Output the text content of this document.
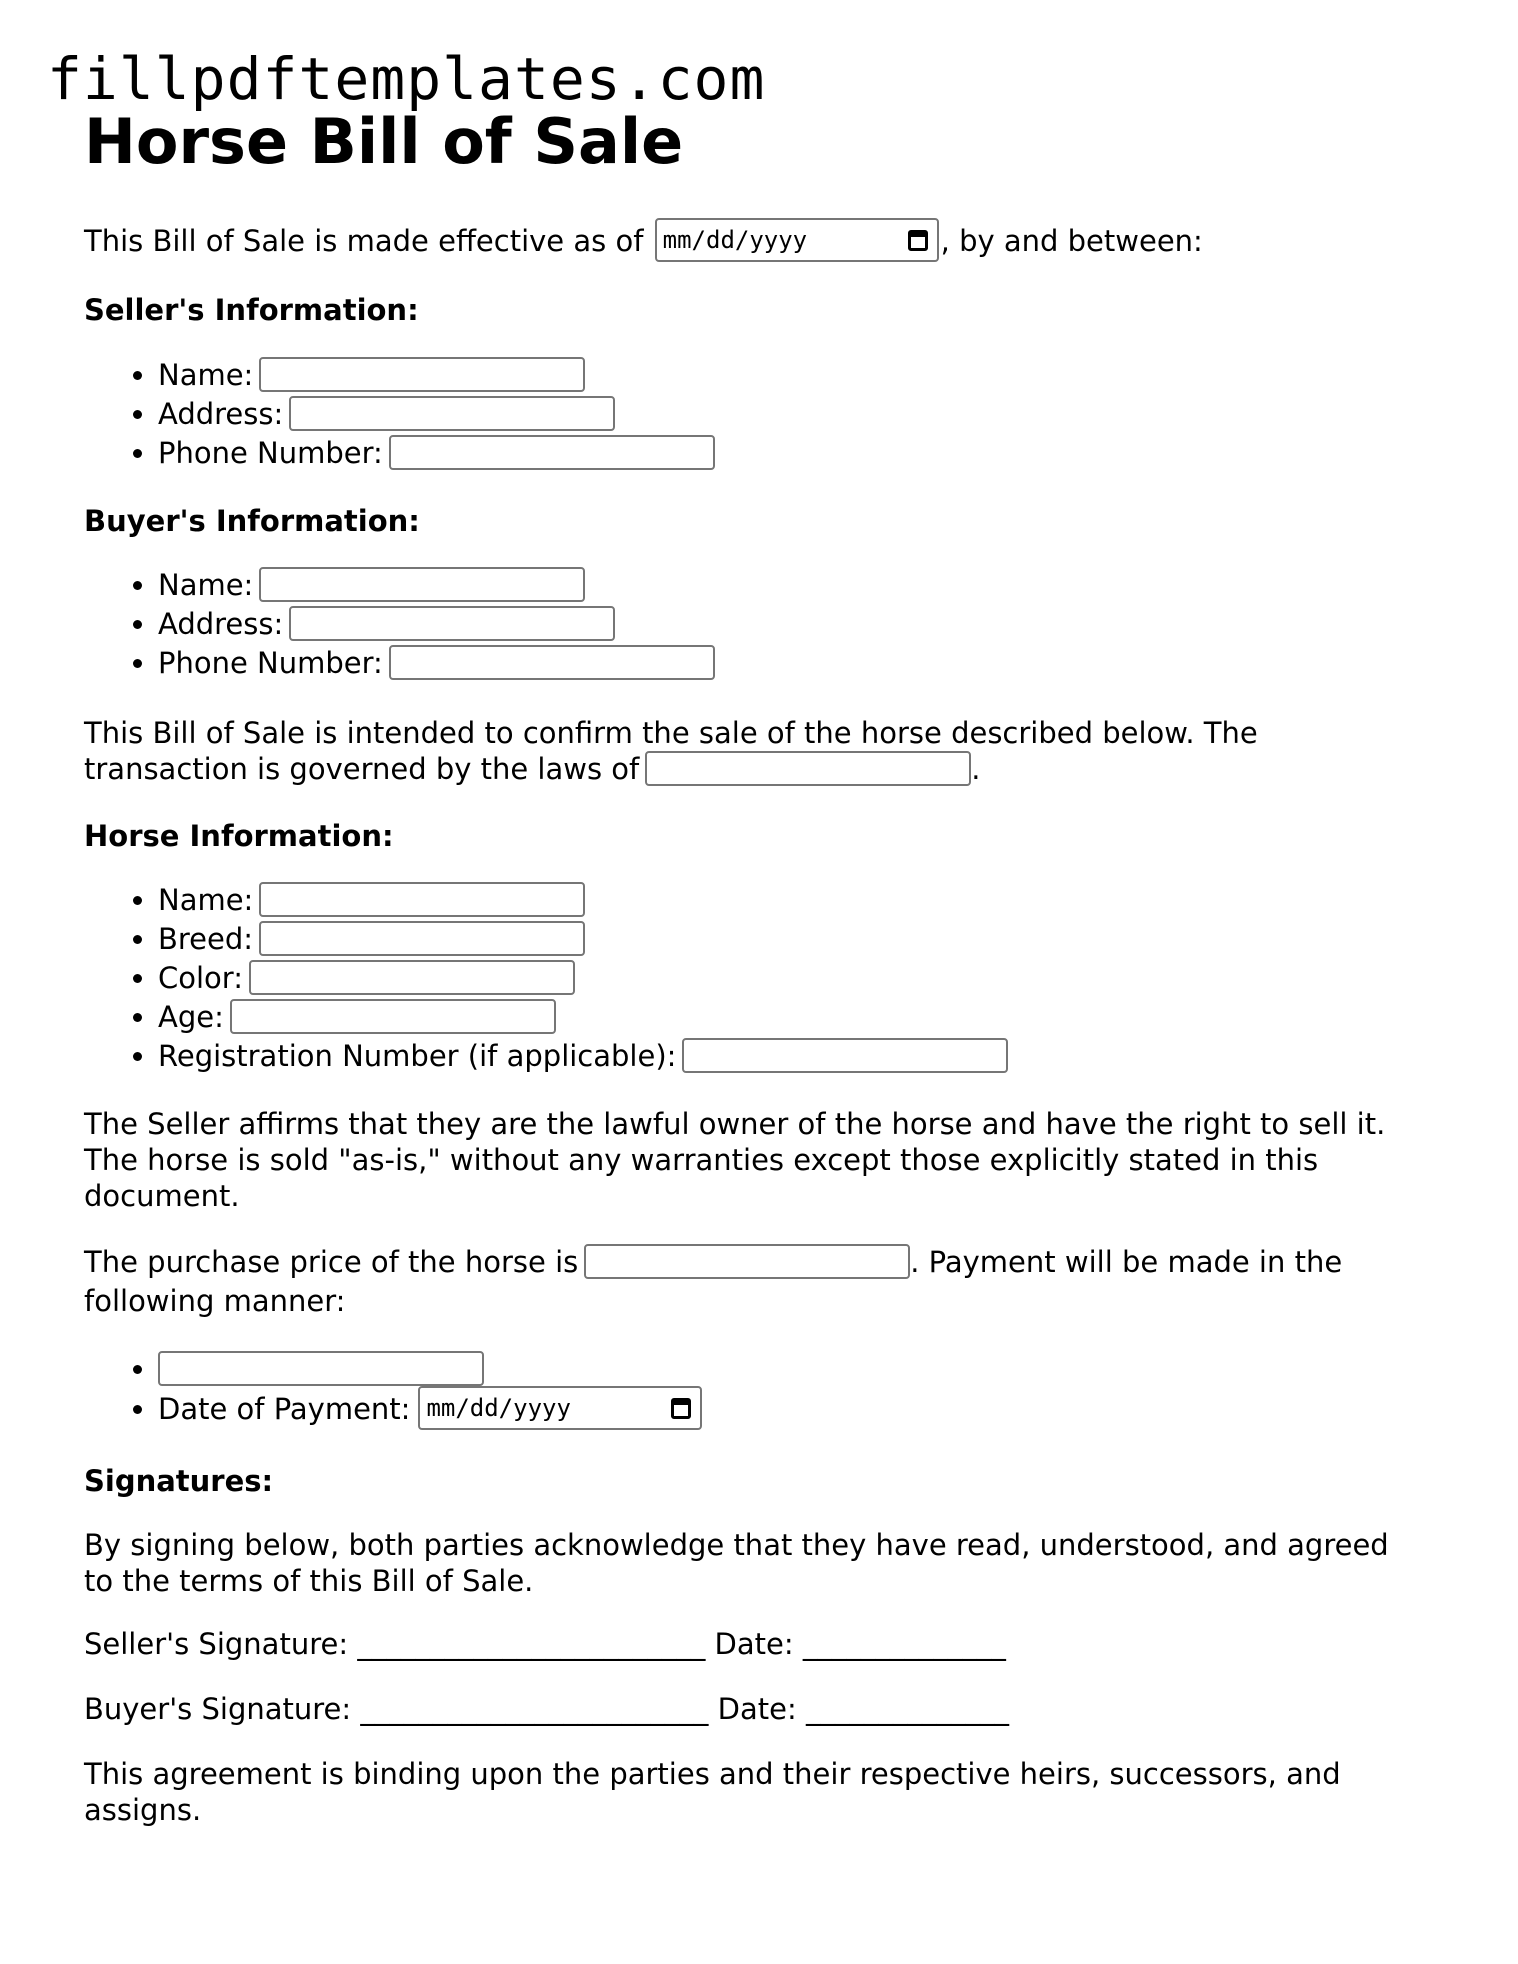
fillpdftemplates.com
Horse Bill of Sale

This Bill of Sale is made effective as of mm/dd/yyyy	, by and between:

Seller's Information:

• Name:
• Address:
• Phone Number:

Buyer's Information:

• Name:
• Address:
• Phone Number:

This Bill of Sale is intended to confirm the sale of the horse described below. The
transaction is governed by the laws of	.

Horse Information:

• Name:
• Breed:
• Color:
• Age:
• Registration Number (if applicable):

The Seller affirms that they are the lawful owner of the horse and have the right to sell it.
The horse is sold "as-is," without any warranties except those explicitly stated in this
document.

The purchase price of the horse is	. Payment will be made in the
following manner:

•
• Date of Payment: mm/dd/yyyy

Signatures:

By signing below, both parties acknowledge that they have read, understood, and agreed
to the terms of this Bill of Sale.

Seller's Signature: ________________________ Date: ______________

Buyer's Signature: ________________________ Date: ______________

This agreement is binding upon the parties and their respective heirs, successors, and
assigns.
